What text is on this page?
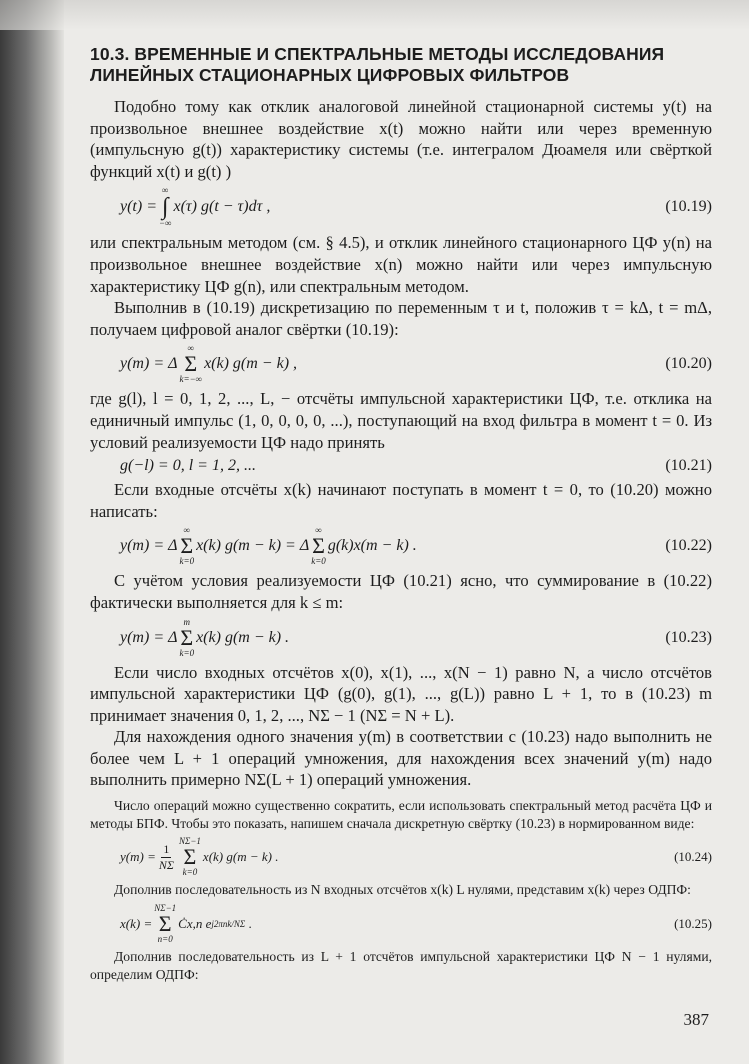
10.3. ВРЕМЕННЫЕ И СПЕКТРАЛЬНЫЕ МЕТОДЫ ИССЛЕДОВАНИЯ ЛИНЕЙНЫХ СТАЦИОНАРНЫХ ЦИФРОВЫХ ФИЛЬТРОВ

Подобно тому как отклик аналоговой линейной стационарной системы y(t) на произвольное внешнее воздействие x(t) можно найти или через временную (импульсную g(t)) характеристику системы (т.е. интегралом Дюамеля или свёрткой функций x(t) и g(t) )

y(t) =
∞
∫
−∞
x(τ) g(t − τ)dτ ,	(10.19)

или спектральным методом (см. § 4.5), и отклик линейного стационарного ЦФ y(n) на произвольное внешнее воздействие x(n) можно найти или через импульсную характеристику ЦФ g(n), или спектральным методом.

Выполнив в (10.19) дискретизацию по переменным τ и t, положив τ = kΔ, t = mΔ, получаем цифровой аналог свёртки (10.19):

y(m) = Δ
∞
Σ
k=−∞
x(k) g(m − k) ,	(10.20)

где g(l), l = 0, 1, 2, ..., L, − отсчёты импульсной характеристики ЦФ, т.е. отклика на единичный импульс (1, 0, 0, 0, 0, ...), поступающий на вход фильтра в момент t = 0. Из условий реализуемости ЦФ надо принять

g(−l) = 0, l = 1, 2, ...	(10.21)

Если входные отсчёты x(k) начинают поступать в момент t = 0, то (10.20) можно написать:

y(m) = Δ
∞
Σ
k=0
x(k) g(m − k) = Δ
∞
Σ
k=0
g(k)x(m − k) .	(10.22)

С учётом условия реализуемости ЦФ (10.21) ясно, что суммирование в (10.22) фактически выполняется для k ≤ m:

y(m) = Δ
m
Σ
k=0
x(k) g(m − k) .	(10.23)

Если число входных отсчётов x(0), x(1), ..., x(N − 1) равно N, а число отсчётов импульсной характеристики ЦФ (g(0), g(1), ..., g(L)) равно L + 1, то в (10.23) m принимает значения 0, 1, 2, ..., NΣ − 1 (NΣ = N + L).

Для нахождения одного значения y(m) в соответствии с (10.23) надо выполнить не более чем L + 1 операций умножения, для нахождения всех значений y(m) надо выполнить примерно NΣ(L + 1) операций умножения.

Число операций можно существенно сократить, если использовать спектральный метод расчёта ЦФ и методы БПФ. Чтобы это показать, напишем сначала дискретную свёртку (10.23) в нормированном виде:

$y(m) = \frac{1}{N\Sigma}$
NΣ−1
Σ
k=0
x(k) g(m − k) .	(10.24)

Дополнив последовательность из N входных отсчётов x(k) L нулями, представим x(k) через ОДПФ:

x(k) =
NΣ−1
Σ
n=0
Ċx,n
e j2πnk/NΣ
.	(10.25)

Дополнив последовательность из L + 1 отсчётов импульсной характеристики ЦФ N − 1 нулями, определим ОДПФ:

387
